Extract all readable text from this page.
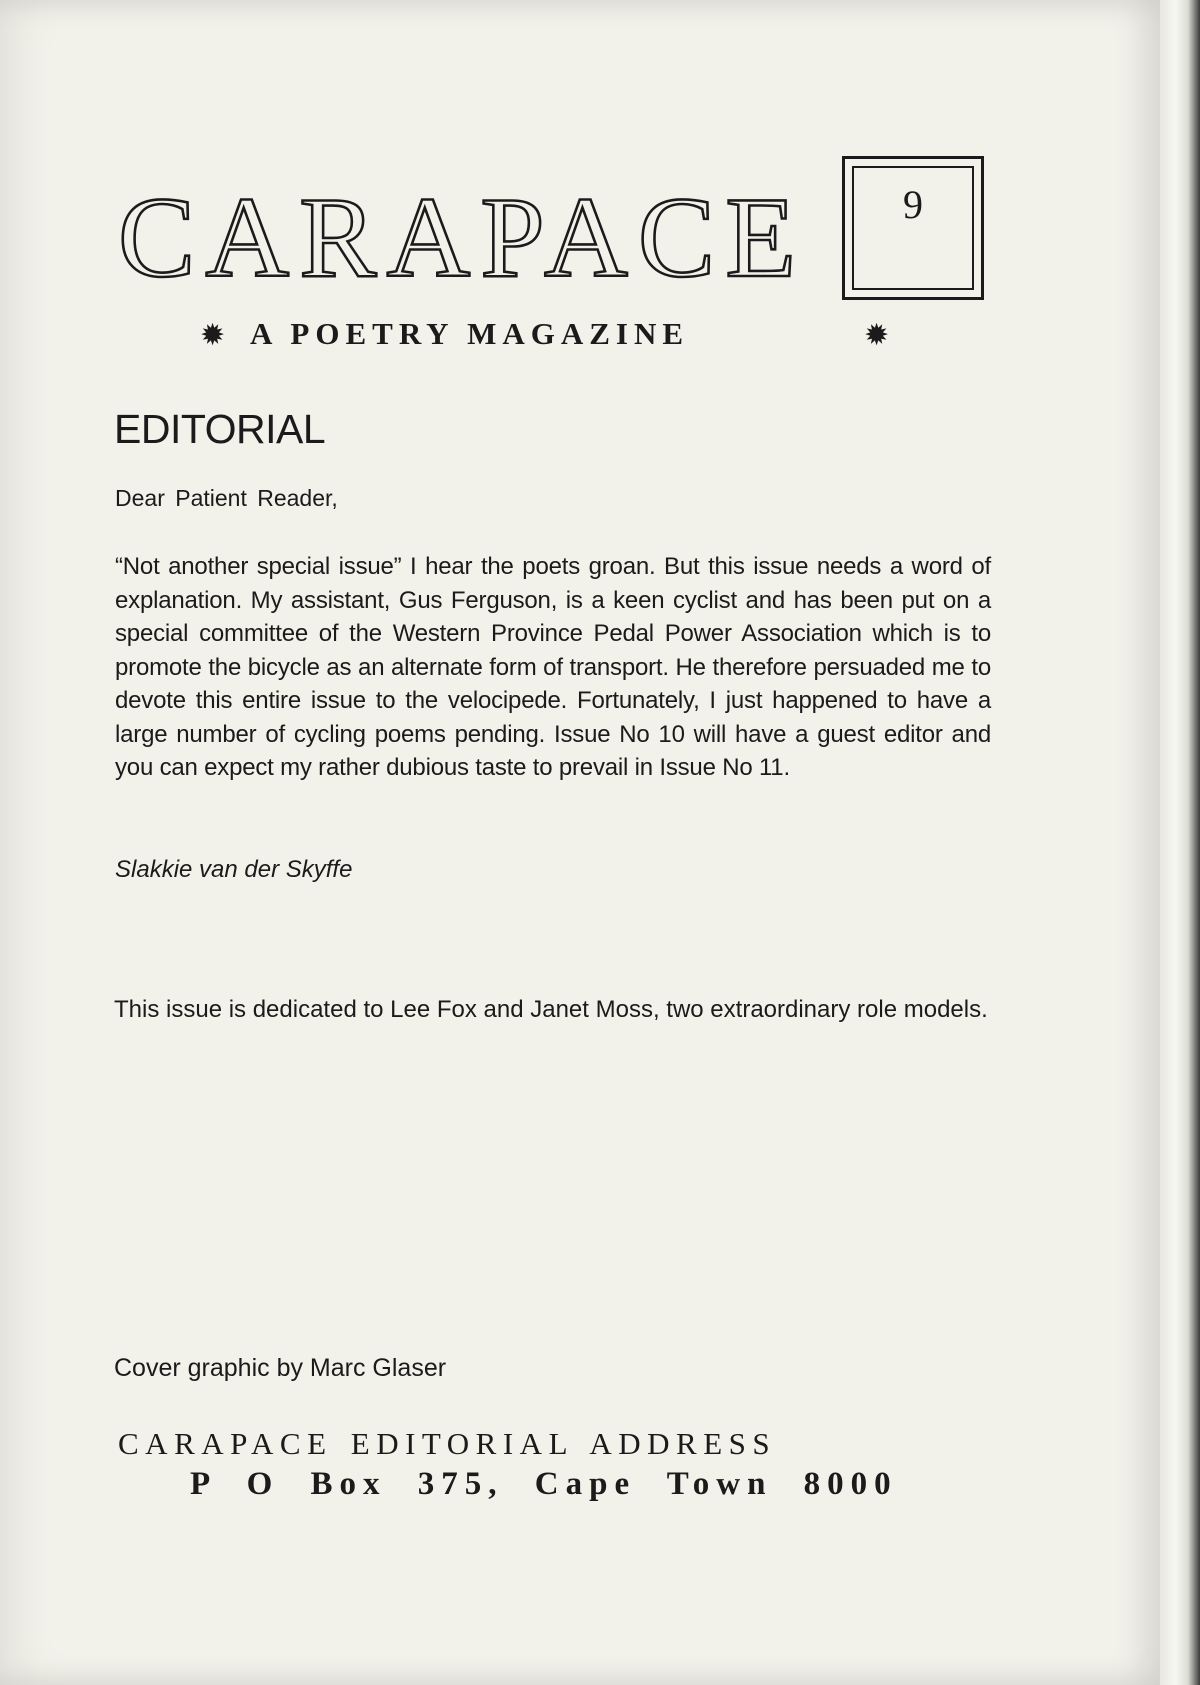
CARAPACE	9
✹ A POETRY MAGAZINE	✹
EDITORIAL
Dear Patient Reader,

“Not another special issue” I hear the poets groan. But this issue needs a word of explanation. My assistant, Gus Ferguson, is a keen cyclist and has been put on a special committee of the Western Province Pedal Power Association which is to promote the bicycle as an alternate form of transport. He therefore persuaded me to devote this entire issue to the velocipede. Fortunately, I just happened to have a large number of cycling poems pending. Issue No 10 will have a guest editor and you can expect my rather dubious taste to prevail in Issue No 11.

Slakkie van der Skyffe

This issue is dedicated to Lee Fox and Janet Moss, two extraordinary role models.

Cover graphic by Marc Glaser
CARAPACE EDITORIAL ADDRESS
P O Box 375, Cape Town 8000
